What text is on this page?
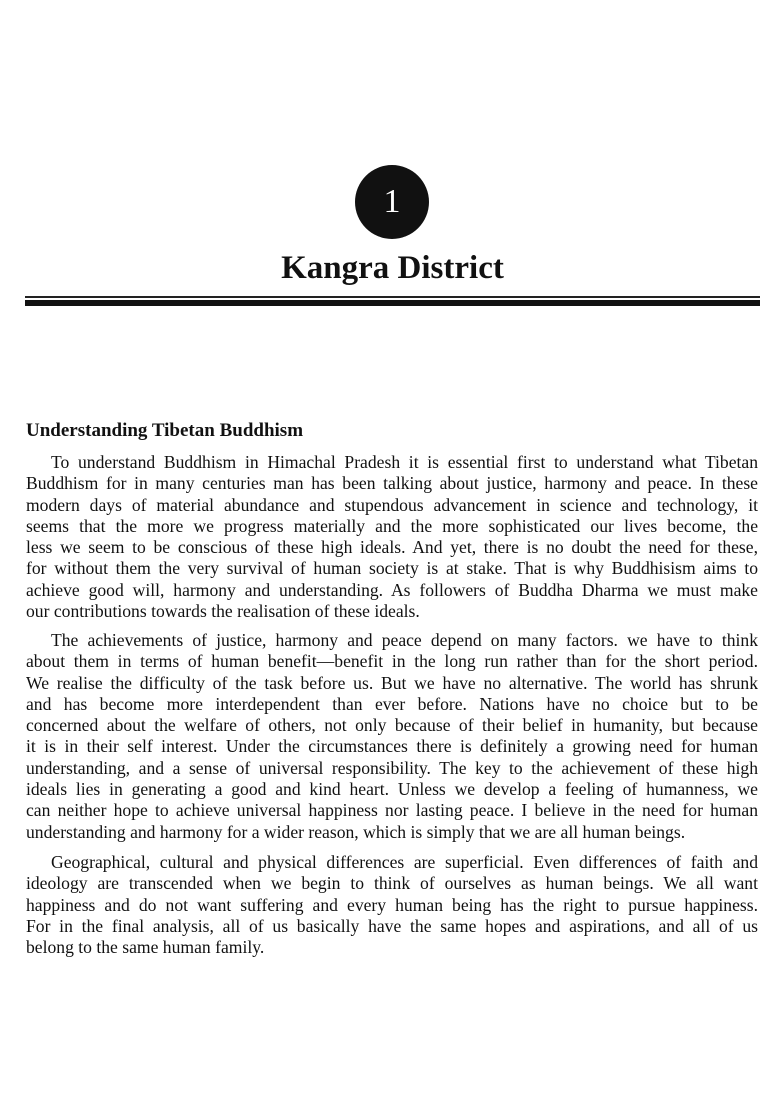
1
Kangra District
Understanding Tibetan Buddhism
To understand Buddhism in Himachal Pradesh it is essential first to understand what Tibetan
Buddhism for in many centuries man has been talking about justice, harmony and peace. In these
modern days of material abundance and stupendous advancement in science and technology, it
seems that the more we progress materially and the more sophisticated our lives become, the
less we seem to be conscious of these high ideals. And yet, there is no doubt the need for these,
for without them the very survival of human society is at stake. That is why Buddhisism aims to
achieve good will, harmony and understanding. As followers of Buddha Dharma we must make
our contributions towards the realisation of these ideals.
The achievements of justice, harmony and peace depend on many factors. we have to think
about them in terms of human benefit—benefit in the long run rather than for the short period.
We realise the difficulty of the task before us. But we have no alternative. The world has shrunk
and has become more interdependent than ever before. Nations have no choice but to be
concerned about the welfare of others, not only because of their belief in humanity, but because
it is in their self interest. Under the circumstances there is definitely a growing need for human
understanding, and a sense of universal responsibility. The key to the achievement of these high
ideals lies in generating a good and kind heart. Unless we develop a feeling of humanness, we
can neither hope to achieve universal happiness nor lasting peace. I believe in the need for human
understanding and harmony for a wider reason, which is simply that we are all human beings.
Geographical, cultural and physical differences are superficial. Even differences of faith and
ideology are transcended when we begin to think of ourselves as human beings. We all want
happiness and do not want suffering and every human being has the right to pursue happiness.
For in the final analysis, all of us basically have the same hopes and aspirations, and all of us
belong to the same human family.
